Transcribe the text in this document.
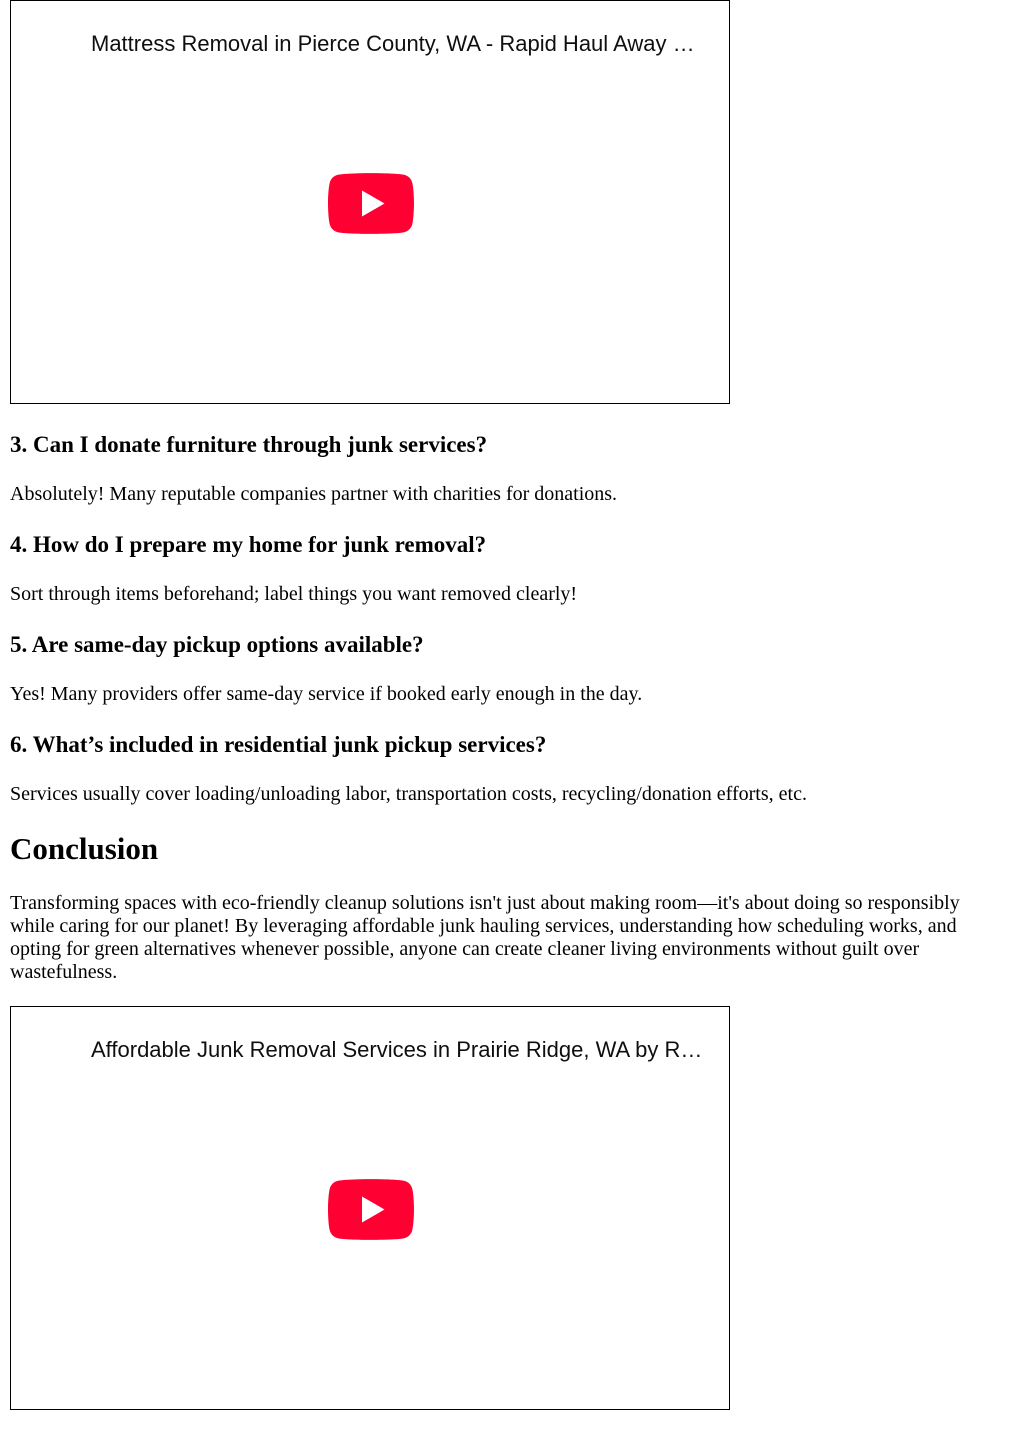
Mattress Removal in Pierce County, WA - Rapid Haul Away …
3. Can I donate furniture through junk services?

Absolutely! Many reputable companies partner with charities for donations.

4. How do I prepare my home for junk removal?

Sort through items beforehand; label things you want removed clearly!

5. Are same-day pickup options available?

Yes! Many providers offer same-day service if booked early enough in the day.

6. What’s included in residential junk pickup services?

Services usually cover loading/unloading labor, transportation costs, recycling/donation efforts, etc.

Conclusion

Transforming spaces with eco-friendly cleanup solutions isn't just about making room—it's about doing so responsibly while caring for our planet! By leveraging affordable junk hauling services, understanding how scheduling works, and opting for green alternatives whenever possible, anyone can create cleaner living environments without guilt over wastefulness.

Affordable Junk Removal Services in Prairie Ridge, WA by R…
